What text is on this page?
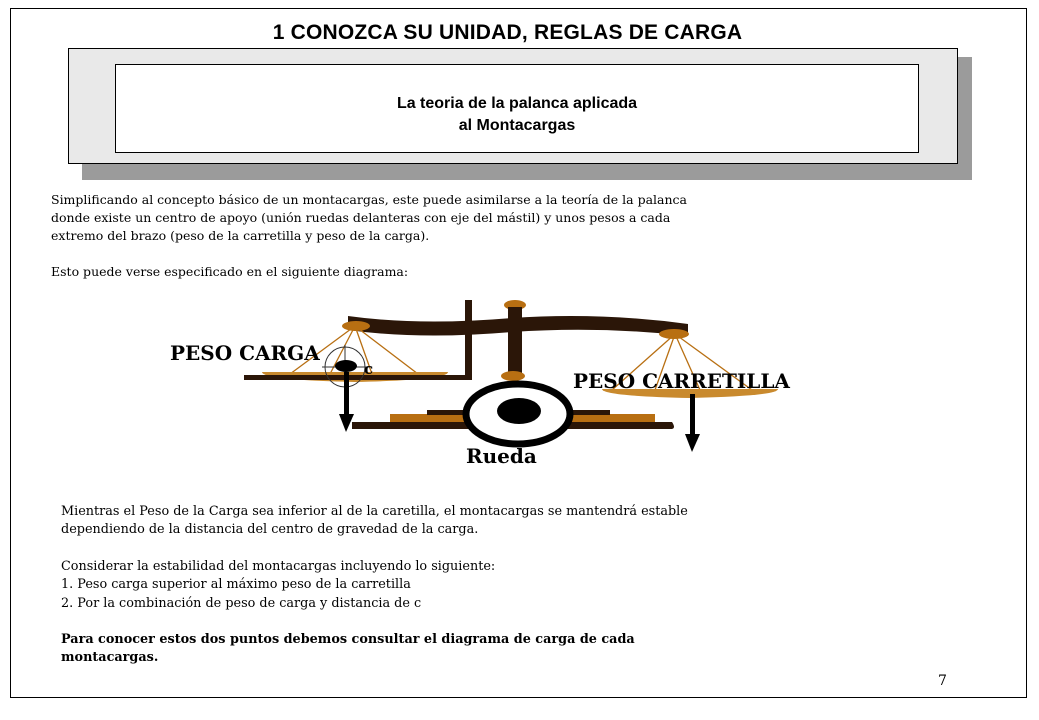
1 CONOZCA SU UNIDAD, REGLAS DE CARGA
La teoria de la palanca aplicada
al Montacargas

Simplificando al concepto básico de un montacargas, este puede asimilarse a la teoría de la palanca

donde existe un centro de apoyo (unión ruedas delanteras con eje del mástil) y unos pesos a cada

extremo del brazo (peso de la carretilla y peso de la carga).

Esto puede verse especificado en el siguiente diagrama:

PESO CARGA
c	PESO CARRETILLA
Rueda

Mientras el Peso de la Carga sea inferior al de la caretilla, el montacargas se mantendrá estable

dependiendo de la distancia del centro de gravedad de la carga.

Considerar la estabilidad del montacargas incluyendo lo siguiente:

1. Peso carga superior al máximo peso de la carretilla

2. Por la combinación de peso de carga y distancia de c

Para conocer estos dos puntos debemos consultar el diagrama de carga de cada

montacargas.

7
